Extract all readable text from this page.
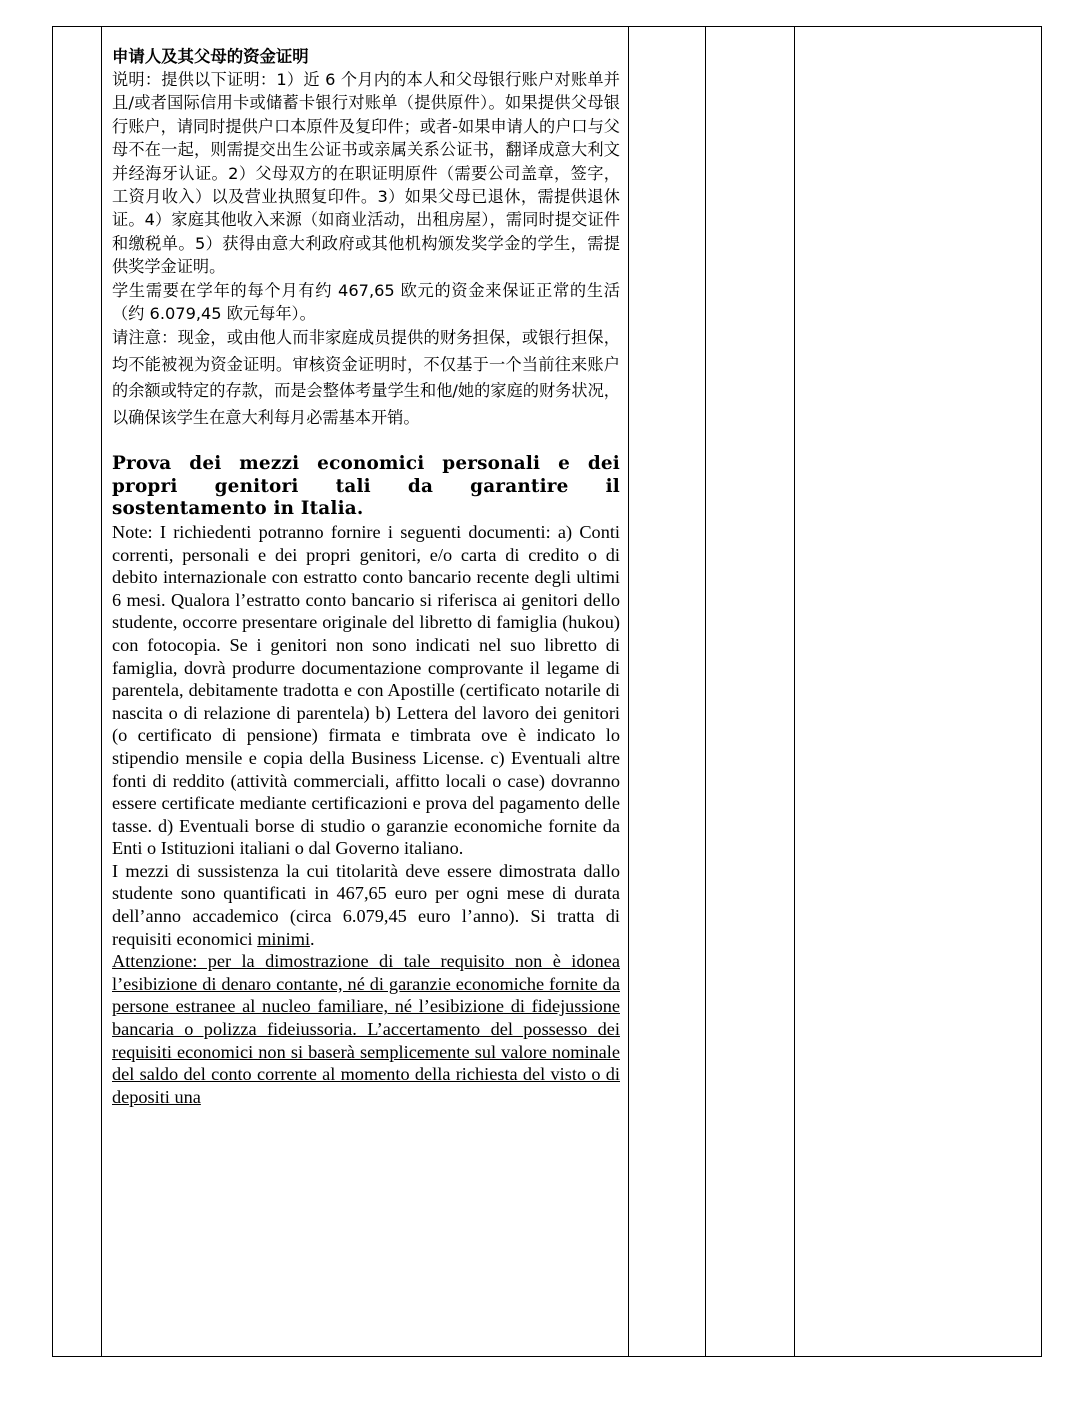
申请人及其父母的资金证明

说明：提供以下证明：1）近 6 个月内的本人和父母银行账户对账单并且/或者国际信用卡或储蓄卡银行对账单（提供原件）。如果提供父母银行账户，请同时提供户口本原件及复印件；或者-如果申请人的户口与父母不在一起，则需提交出生公证书或亲属关系公证书，翻译成意大利文并经海牙认证。2）父母双方的在职证明原件（需要公司盖章，签字，工资月收入）以及营业执照复印件。3）如果父母已退休，需提供退休证。4）家庭其他收入来源（如商业活动，出租房屋），需同时提交证件和缴税单。5）获得由意大利政府或其他机构颁发奖学金的学生，需提供奖学金证明。

学生需要在学年的每个月有约 467,65 欧元的资金来保证正常的生活（约 6.079,45 欧元每年）。

请注意：现金，或由他人而非家庭成员提供的财务担保，或银行担保，均不能被视为资金证明。审核资金证明时，不仅基于一个当前往来账户的余额或特定的存款，而是会整体考量学生和他/她的家庭的财务状况，以确保该学生在意大利每月必需基本开销。

Prova dei mezzi economici personali e dei propri genitori tali da garantire il sostentamento in Italia.

Note: I richiedenti potranno fornire i seguenti documenti: a) Conti correnti, personali e dei propri genitori, e/o carta di credito o di debito internazionale con estratto conto bancario recente degli ultimi 6 mesi. Qualora l’estratto conto bancario si riferisca ai genitori dello studente, occorre presentare originale del libretto di famiglia (hukou) con fotocopia. Se i genitori non sono indicati nel suo libretto di famiglia, dovrà produrre documentazione comprovante il legame di parentela, debitamente tradotta e con Apostille (certificato notarile di nascita o di relazione di parentela) b) Lettera del lavoro dei genitori (o certificato di pensione) firmata e timbrata ove è indicato lo stipendio mensile e copia della Business License. c) Eventuali altre fonti di reddito (attività commerciali, affitto locali o case) dovranno essere certificate mediante certificazioni e prova del pagamento delle tasse. d) Eventuali borse di studio o garanzie economiche fornite da Enti o Istituzioni italiani o dal Governo italiano.

I mezzi di sussistenza la cui titolarità deve essere dimostrata dallo studente sono quantificati in 467,65 euro per ogni mese di durata dell’anno accademico (circa 6.079,45 euro l’anno). Si tratta di requisiti economici minimi.

Attenzione: per la dimostrazione di tale requisito non è idonea l’esibizione di denaro contante, né di garanzie economiche fornite da persone estranee al nucleo familiare, né l’esibizione di fidejussione bancaria o polizza fideiussoria. L’accertamento del possesso dei requisiti economici non si baserà semplicemente sul valore nominale del saldo del conto corrente al momento della richiesta del visto o di depositi una
